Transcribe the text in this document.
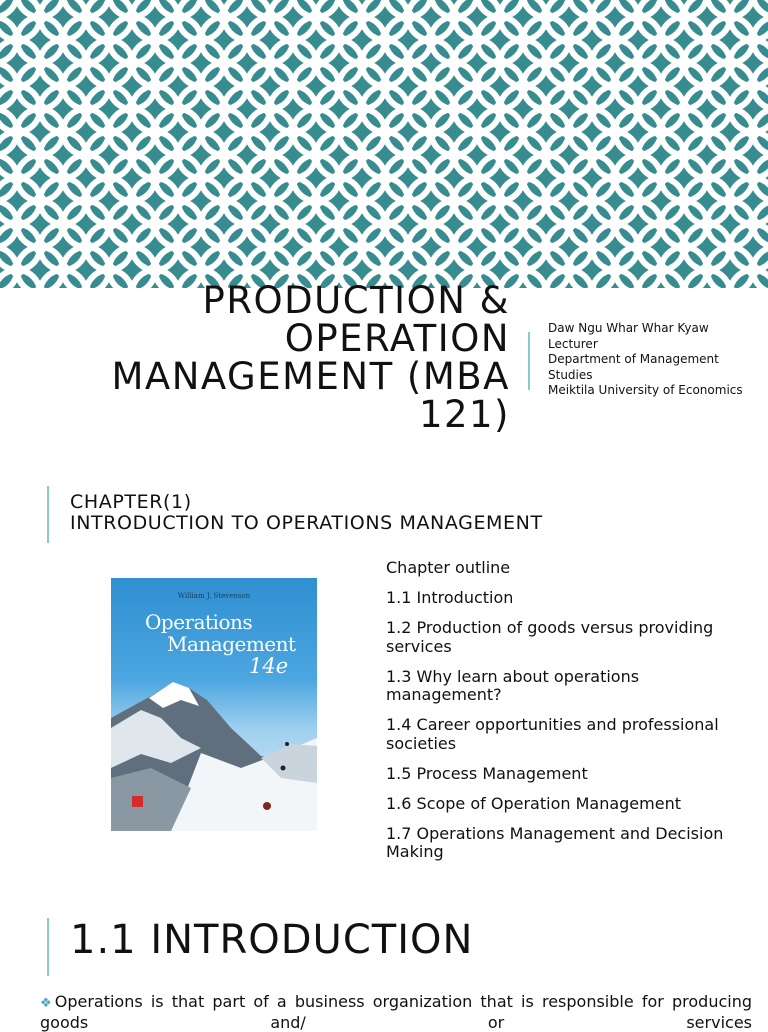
PRODUCTION &
OPERATION
MANAGEMENT (MBA
121)
Daw Ngu Whar Whar Kyaw
Lecturer
Department of Management
Studies
Meiktila University of Economics
CHAPTER(1)
INTRODUCTION TO OPERATIONS MANAGEMENT
William J. Stevenson
Operations
Management
14e
Chapter outline
1.1 Introduction
1.2 Production of goods versus providing services
1.3 Why learn about operations management?
1.4 Career opportunities and professional societies
1.5 Process Management
1.6 Scope of Operation Management
1.7 Operations Management and Decision Making
1.1 INTRODUCTION
❖Operations is that part of a business organization that is responsible for producing goods and/ or services
